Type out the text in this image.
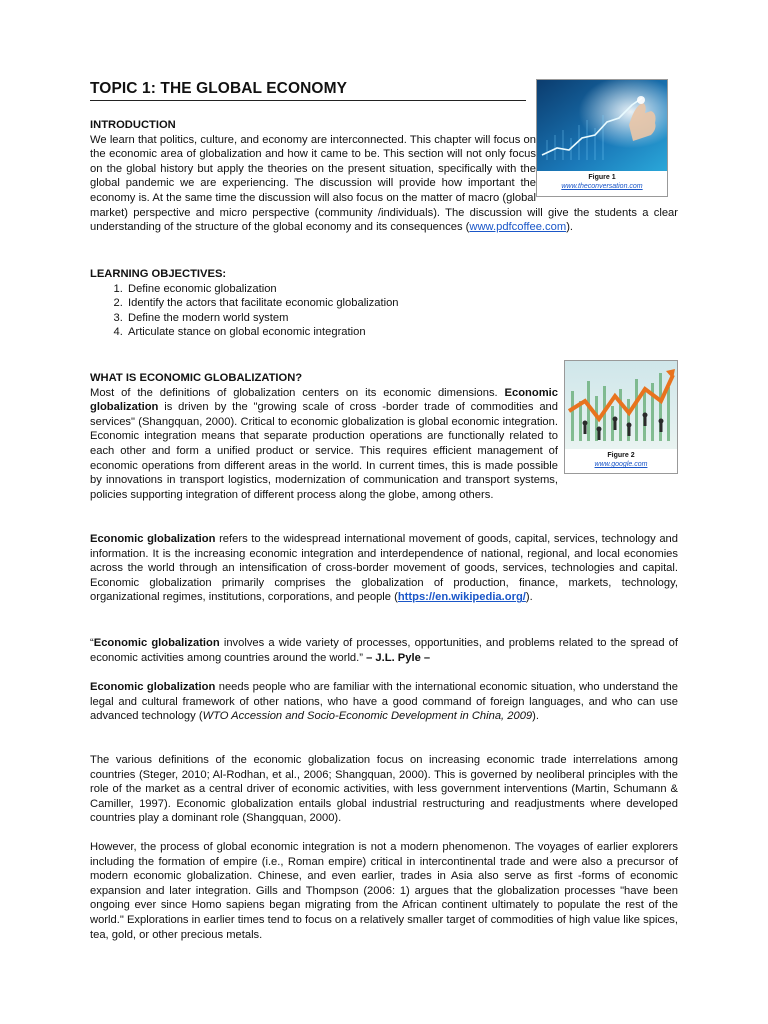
TOPIC 1: THE GLOBAL ECONOMY
Figure 1
www.theconversation.com
Figure 2
www.google.com

INTRODUCTION

We learn that politics, culture, and economy are interconnected. This chapter will focus on the economic area of globalization and how it came to be. This section will not only focus on the global history but apply the theories on the present situation, specifically with the global pandemic we are experiencing. The discussion will provide how important the economy is. At the same time the discussion will also focus on the matter of macro (global market) perspective and micro perspective (community /individuals). The discussion will give the students a clear understanding of the structure of the global economy and its consequences (www.pdfcoffee.com).

LEARNING OBJECTIVES:

1. Define economic globalization
2. Identify the actors that facilitate economic globalization
3. Define the modern world system
4. Articulate stance on global economic integration

WHAT IS ECONOMIC GLOBALIZATION?

Most of the definitions of globalization centers on its economic dimensions. Economic globalization is driven by the "growing scale of cross -border trade of commodities and services" (Shangquan, 2000). Critical to economic globalization is global economic integration. Economic integration means that separate production operations are functionally related to each other and form a unified product or service. This requires efficient management of economic operations from different areas in the world. In current times, this is made possible by innovations in transport logistics, modernization of communication and transport systems, policies supporting integration of different process along the globe, among others.

Economic globalization refers to the widespread international movement of goods, capital, services, technology and information. It is the increasing economic integration and interdependence of national, regional, and local economies across the world through an intensification of cross-border movement of goods, services, technologies and capital. Economic globalization primarily comprises the globalization of production, finance, markets, technology, organizational regimes, institutions, corporations, and people (https://en.wikipedia.org/).

“Economic globalization involves a wide variety of processes, opportunities, and problems related to the spread of economic activities among countries around the world.” – J.L. Pyle –

Economic globalization needs people who are familiar with the international economic situation, who understand the legal and cultural framework of other nations, who have a good command of foreign languages, and who can use advanced technology (WTO Accession and Socio-Economic Development in China, 2009).

The various definitions of the economic globalization focus on increasing economic trade interrelations among countries (Steger, 2010; Al-Rodhan, et al., 2006; Shangquan, 2000). This is governed by neoliberal principles with the role of the market as a central driver of economic activities, with less government interventions (Martin, Schumann & Camiller, 1997). Economic globalization entails global industrial restructuring and readjustments where developed countries play a dominant role (Shangquan, 2000).

However, the process of global economic integration is not a modern phenomenon. The voyages of earlier explorers including the formation of empire (i.e., Roman empire) critical in intercontinental trade and were also a precursor of modern economic globalization. Chinese, and even earlier, trades in Asia also serve as first -forms of economic expansion and later integration. Gills and Thompson (2006: 1) argues that the globalization processes "have been ongoing ever since Homo sapiens began migrating from the African continent ultimately to populate the rest of the world." Explorations in earlier times tend to focus on a relatively smaller target of commodities of high value like spices, tea, gold, or other precious metals.
